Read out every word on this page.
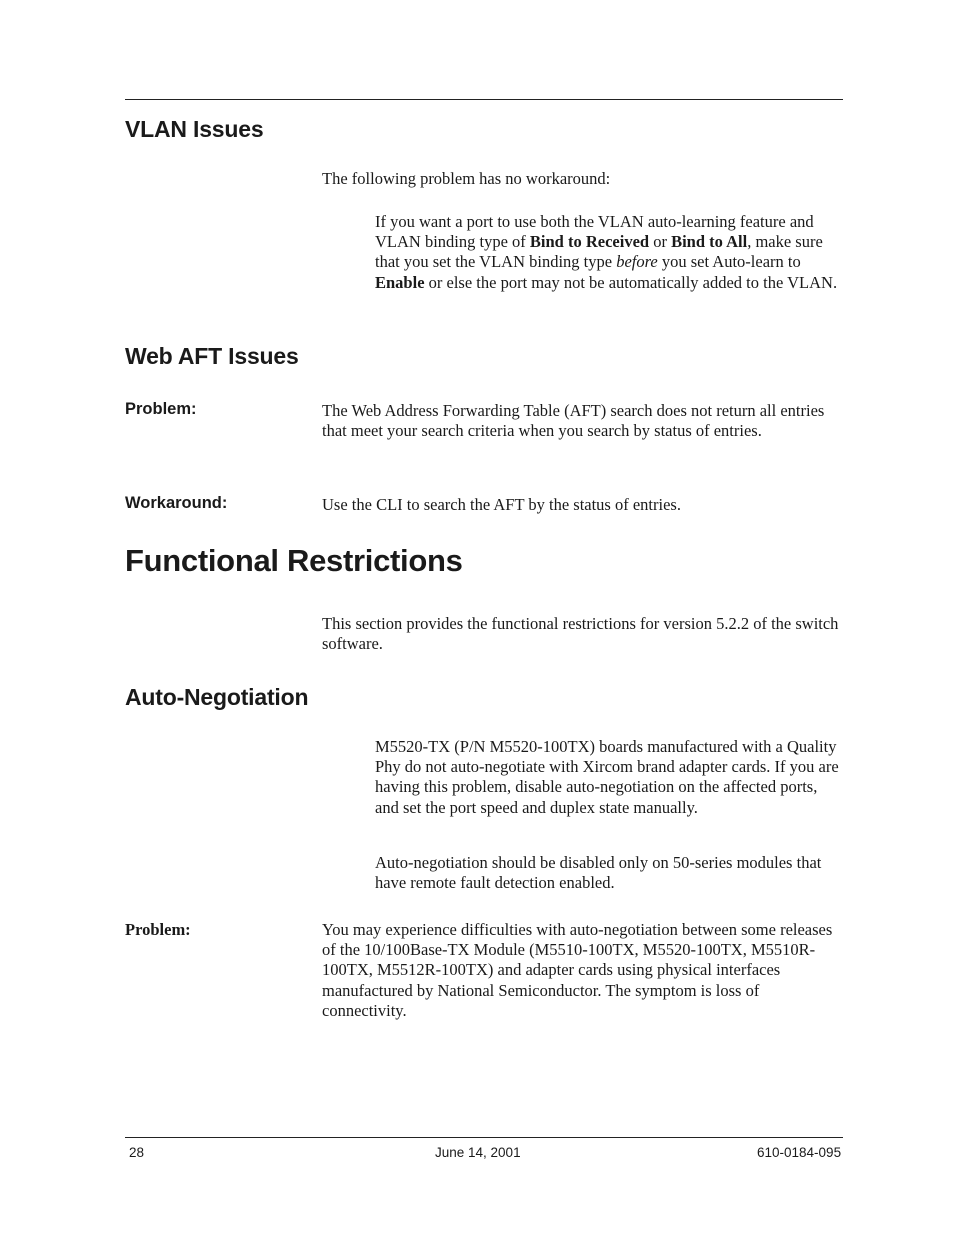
VLAN Issues

The following problem has no workaround:

If you want a port to use both the VLAN auto-learning feature and VLAN binding type of Bind to Received or Bind to All, make sure that you set the VLAN binding type before you set Auto-learn to Enable or else the port may not be automatically added to the VLAN.

Web AFT Issues

Problem:	The Web Address Forwarding Table (AFT) search does not return all entries that meet your search criteria when you search by status of entries.

Workaround:	Use the CLI to search the AFT by the status of entries.

Functional Restrictions

This section provides the functional restrictions for version 5.2.2 of the switch software.

Auto-Negotiation

M5520-TX (P/N M5520-100TX) boards manufactured with a Quality Phy do not auto-negotiate with Xircom brand adapter cards. If you are having this problem, disable auto-negotiation on the affected ports, and set the port speed and duplex state manually.

Auto-negotiation should be disabled only on 50-series modules that have remote fault detection enabled.

Problem:	You may experience difficulties with auto-negotiation between some releases of the 10/100Base-TX Module (M5510-100TX, M5520-100TX, M5510R-100TX, M5512R-100TX) and adapter cards using physical interfaces manufactured by National Semiconductor. The symptom is loss of connectivity.

28	June 14, 2001	610-0184-095
